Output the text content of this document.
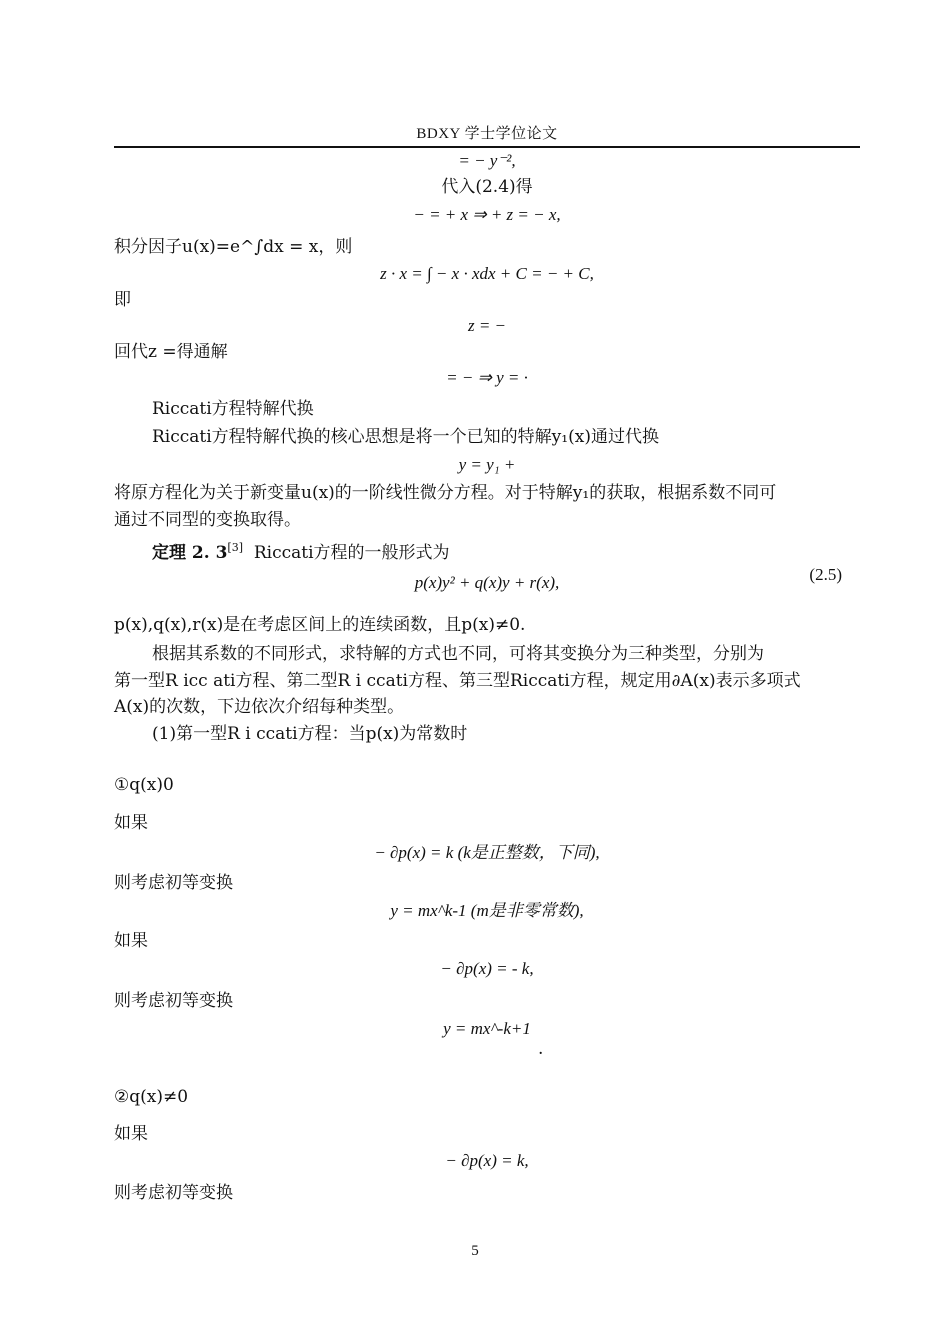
BDXY 学士学位论文
= − y⁻²,
代入(2.4)得
− = + x ⇒ + z = − x,
积分因子u(x)=e^∫dx = x，则
z · x = ∫ − x · xdx + C = − + C,
即
z = −
回代z =得通解
= − ⇒ y = ·
Riccati方程特解代换
Riccati方程特解代换的核心思想是将一个已知的特解y₁(x)通过代换
y = y₁ +
将原方程化为关于新变量u(x)的一阶线性微分方程。对于特解y₁的获取，根据系数不同可
通过不同型的变换取得。
定理 2. 3[3] Riccati方程的一般形式为
p(x)y² + q(x)y + r(x),	(2.5)
p(x),q(x),r(x)是在考虑区间上的连续函数，且p(x)≠0.
根据其系数的不同形式，求特解的方式也不同，可将其变换分为三种类型，分别为
第一型R icc ati方程、第二型R i ccati方程、第三型Riccati方程，规定用∂A(x)表示多项式
A(x)的次数，下边依次介绍每种类型。
(1)第一型R i ccati方程：当p(x)为常数时
①q(x)0
如果
− ∂p(x) = k (k是正整数，下同),
则考虑初等变换
y = mx^k-1 (m是非零常数),
如果
− ∂p(x) = - k,
则考虑初等变换
y = mx^-k+1
.
②q(x)≠0
如果
− ∂p(x) = k,
则考虑初等变换
5
